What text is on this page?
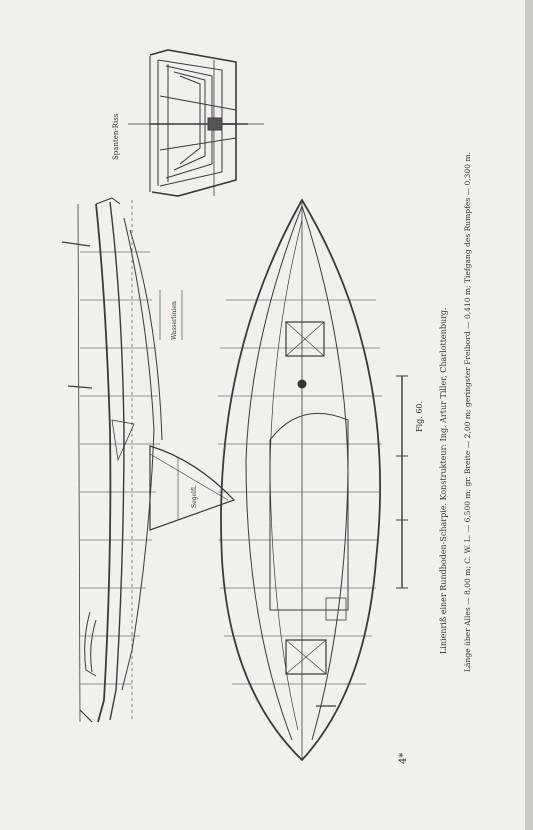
Spanten-Riss
Wasserlinien
Segelfl.
Fig. 60. Linienriß einer Rundboden-Scharpie. Konstrukteur: Ing. Artur Tiller, Charlottenburg. Länge über Alles — 8,00 m; C. W. L. — 6,500 m; gr. Breite — 2,00 m; geringster Freibord — 0,410 m; Tiefgang des Rumpfes — 0,300 m.
4*
